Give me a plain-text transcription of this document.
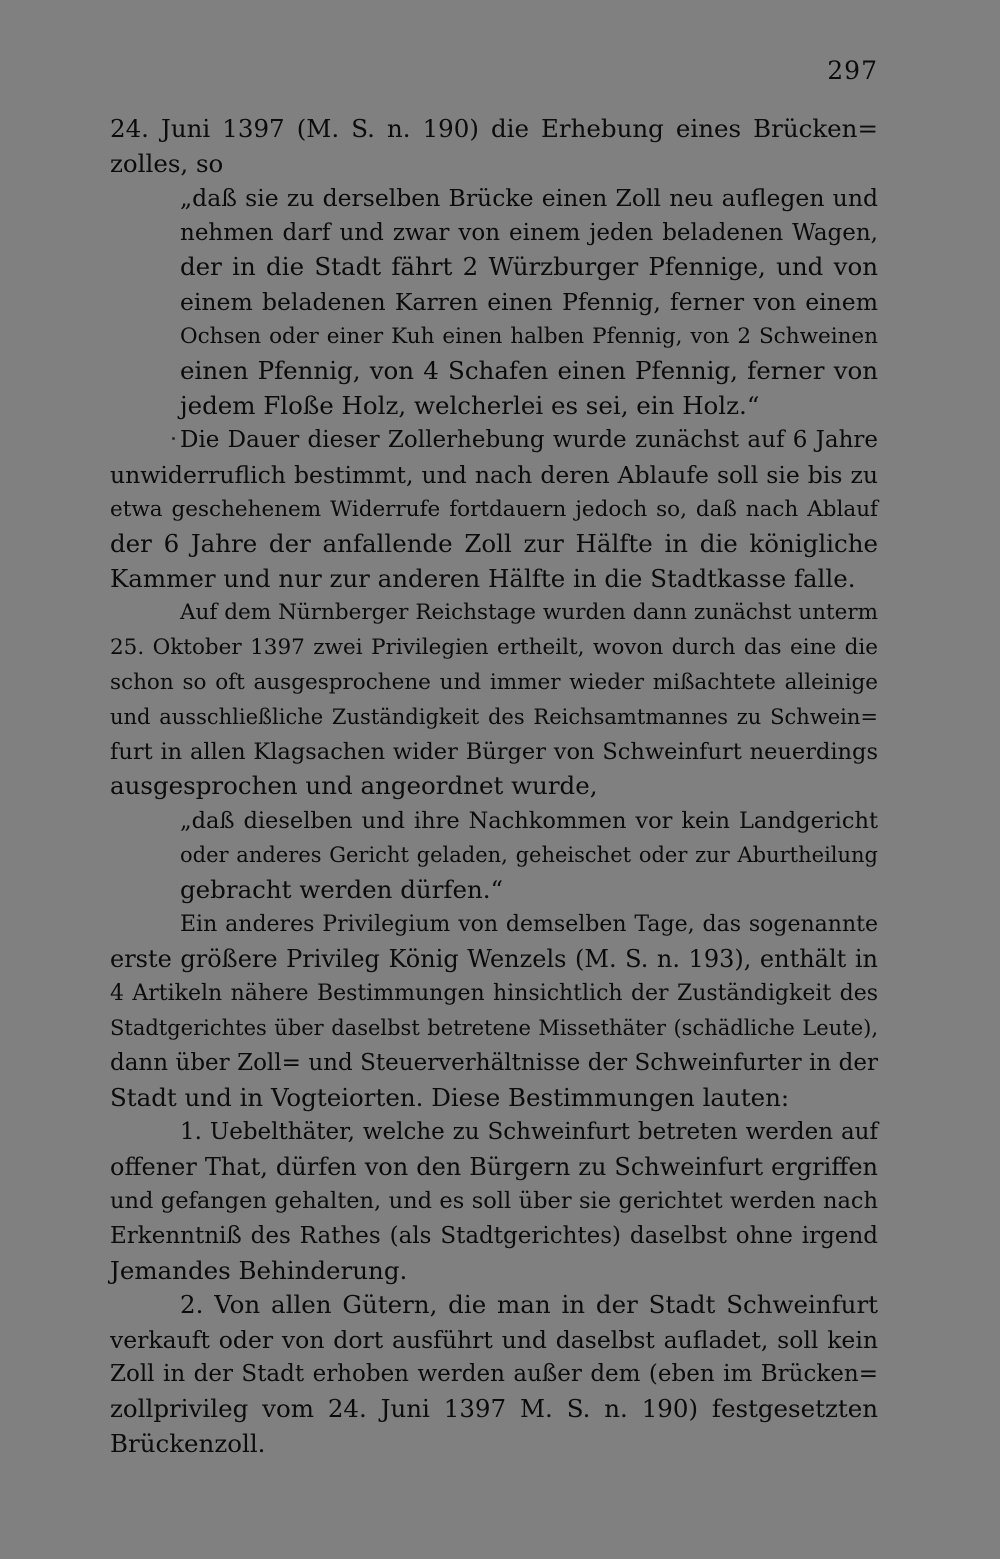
297
24. Juni 1397 (M. S. n. 190) die Erhebung eines Brücken=
zolles, so
„daß sie zu derselben Brücke einen Zoll neu auflegen und
nehmen darf und zwar von einem jeden beladenen Wagen,
der in die Stadt fährt 2 Würzburger Pfennige, und von
einem beladenen Karren einen Pfennig, ferner von einem
Ochsen oder einer Kuh einen halben Pfennig, von 2 Schweinen
einen Pfennig, von 4 Schafen einen Pfennig, ferner von
jedem Floße Holz, welcherlei es sei, ein Holz.“
Die Dauer dieser Zollerhebung wurde zunächst auf 6 Jahre
unwiderruflich bestimmt, und nach deren Ablaufe soll sie bis zu
etwa geschehenem Widerrufe fortdauern jedoch so, daß nach Ablauf
der 6 Jahre der anfallende Zoll zur Hälfte in die königliche
Kammer und nur zur anderen Hälfte in die Stadtkasse falle.
Auf dem Nürnberger Reichstage wurden dann zunächst unterm
25. Oktober 1397 zwei Privilegien ertheilt, wovon durch das eine die
schon so oft ausgesprochene und immer wieder mißachtete alleinige
und ausschließliche Zuständigkeit des Reichsamtmannes zu Schwein=
furt in allen Klagsachen wider Bürger von Schweinfurt neuerdings
ausgesprochen und angeordnet wurde,
„daß dieselben und ihre Nachkommen vor kein Landgericht
oder anderes Gericht geladen, geheischet oder zur Aburtheilung
gebracht werden dürfen.“
Ein anderes Privilegium von demselben Tage, das sogenannte
erste größere Privileg König Wenzels (M. S. n. 193), enthält in
4 Artikeln nähere Bestimmungen hinsichtlich der Zuständigkeit des
Stadtgerichtes über daselbst betretene Missethäter (schädliche Leute),
dann über Zoll= und Steuerverhältnisse der Schweinfurter in der
Stadt und in Vogteiorten. Diese Bestimmungen lauten:
1. Uebelthäter, welche zu Schweinfurt betreten werden auf
offener That, dürfen von den Bürgern zu Schweinfurt ergriffen
und gefangen gehalten, und es soll über sie gerichtet werden nach
Erkenntniß des Rathes (als Stadtgerichtes) daselbst ohne irgend
Jemandes Behinderung.
2. Von allen Gütern, die man in der Stadt Schweinfurt
verkauft oder von dort ausführt und daselbst aufladet, soll kein
Zoll in der Stadt erhoben werden außer dem (eben im Brücken=
zollprivileg vom 24. Juni 1397 M. S. n. 190) festgesetzten
Brückenzoll.
